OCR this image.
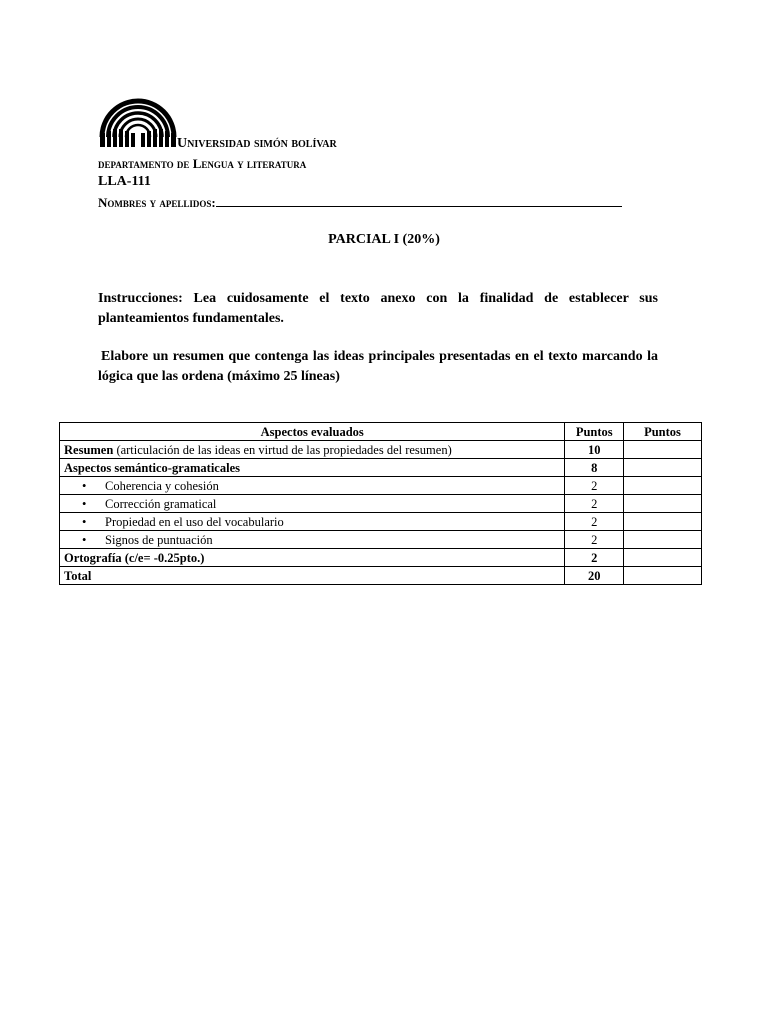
Universidad simón bolívar
departamento de Lengua y literatura
LLA-111
Nombres y apellidos:
PARCIAL I (20%)
Instrucciones: Lea cuidosamente el texto anexo con la finalidad de establecer sus planteamientos fundamentales.
Elabore un resumen que contenga las ideas principales presentadas en el texto marcando la lógica que las ordena (máximo 25 líneas)
Aspectos evaluados	Puntos	Puntos
Resumen (articulación de las ideas en virtud de las propiedades del resumen)	10	
Aspectos semántico-gramaticales	8	
• Coherencia y cohesión	2	
• Corrección gramatical	2	
• Propiedad en el uso del vocabulario	2	
• Signos de puntuación	2	
Ortografía (c/e= -0.25pto.)	2	
Total	20	
